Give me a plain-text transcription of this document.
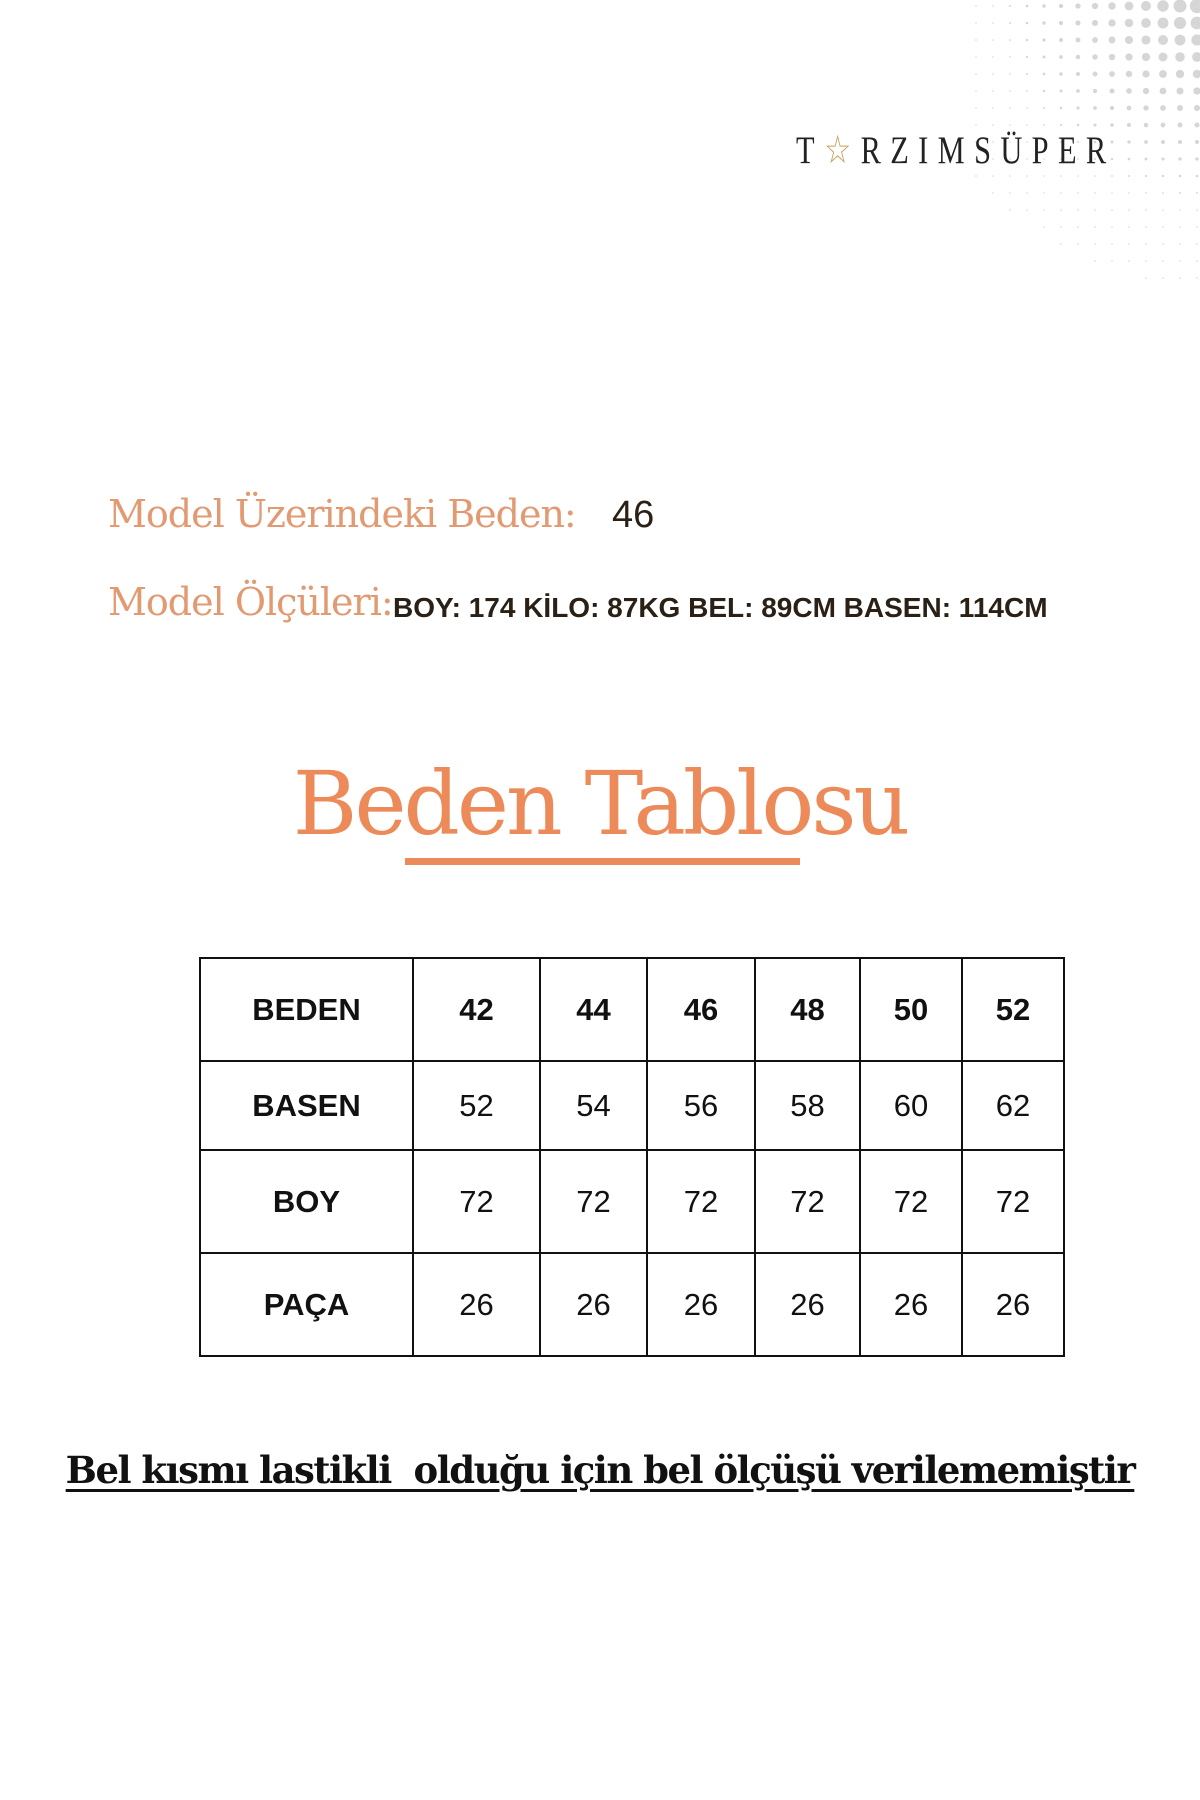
T☆RZIMSÜPER
Model Üzerindeki Beden: 46
Model Ölçüleri: BOY: 174 KİLO: 87KG BEL: 89CM BASEN: 114CM
Beden Tablosu
BEDEN	42	44	46	48	50	52
BASEN	52	54	56	58	60	62
BOY	72	72	72	72	72	72
PAÇA	26	26	26	26	26	26
Bel kısmı lastikli  olduğu için bel ölçüşü verilememiştir
